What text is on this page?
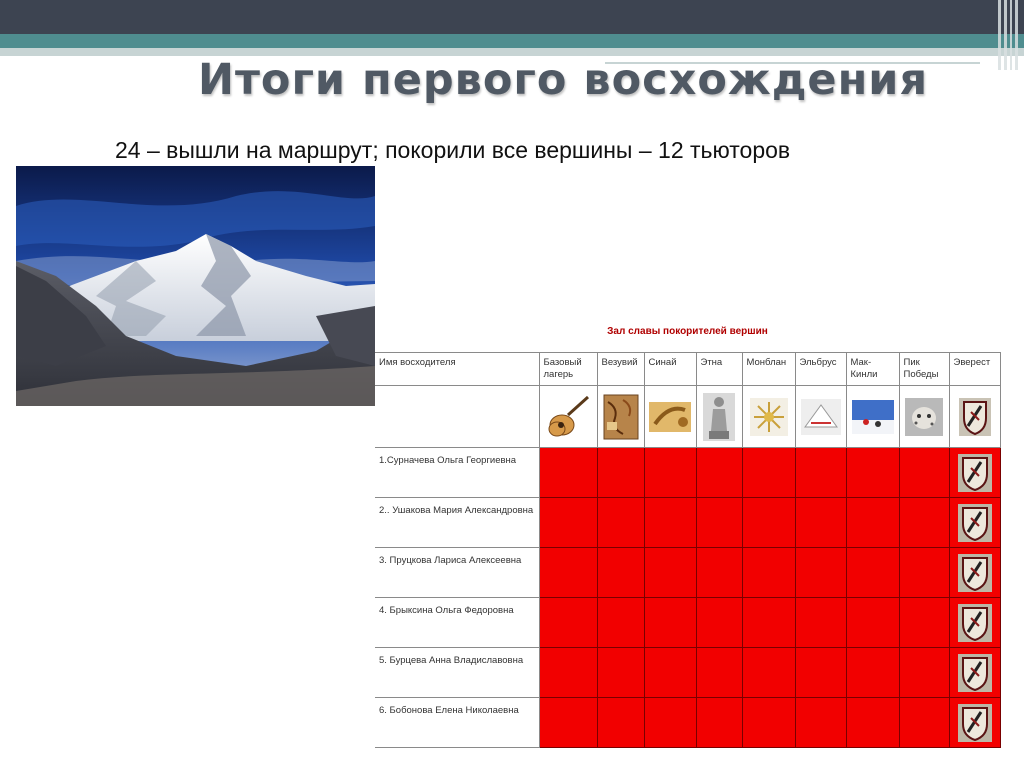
Итоги первого восхождения

24 – вышли на маршрут; покорили все вершины – 12 тьюторов

Зал славы покорителей вершин
Имя восходителя	Базовый лагерь	Везувий	Синай	Этна	Монблан	Эльбрус	Мак-Кинли	Пик Победы	Эверест

1.Сурначева Ольга Георгиевна									

2.. Ушакова Мария Александровна									

3. Пруцкова Лариса Алексеевна									

4. Брыксина Ольга Федоровна									

5. Бурцева Анна Владиславовна									

6. Бобонова Елена Николаевна									
